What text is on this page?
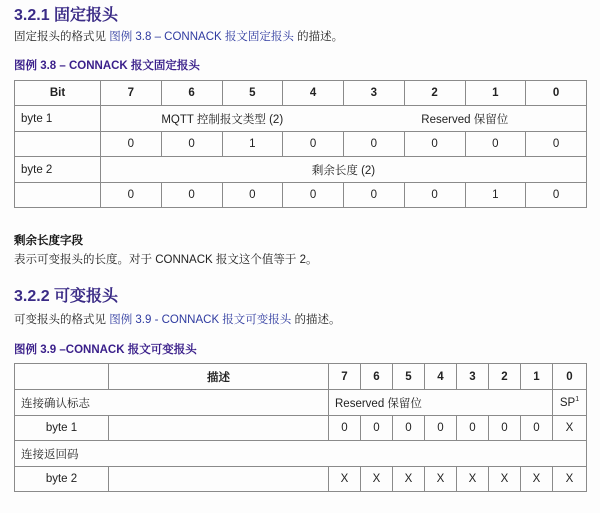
3.2.1 固定报头
固定报头的格式见 图例 3.8 – CONNACK 报文固定报头 的描述。
图例 3.8 – CONNACK 报文固定报头
Bit	7	6	5	4	3	2	1	0
byte 1	MQTT 控制报文类型 (2)				Reserved 保留位			
	0	0	1	0	0	0	0	0
byte 2	剩余长度 (2)							
	0	0	0	0	0	0	1	0
剩余长度字段
表示可变报头的长度。对于 CONNACK 报文这个值等于 2。
3.2.2 可变报头
可变报头的格式见 图例 3.9 - CONNACK 报文可变报头 的描述。
图例 3.9 –CONNACK 报文可变报头
	描述	7	6	5	4	3	2	1	0
连接确认标志		Reserved 保留位							$SP^1$
byte 1		0	0	0	0	0	0	0	X
连接返回码									
byte 2		X	X	X	X	X	X	X	X
